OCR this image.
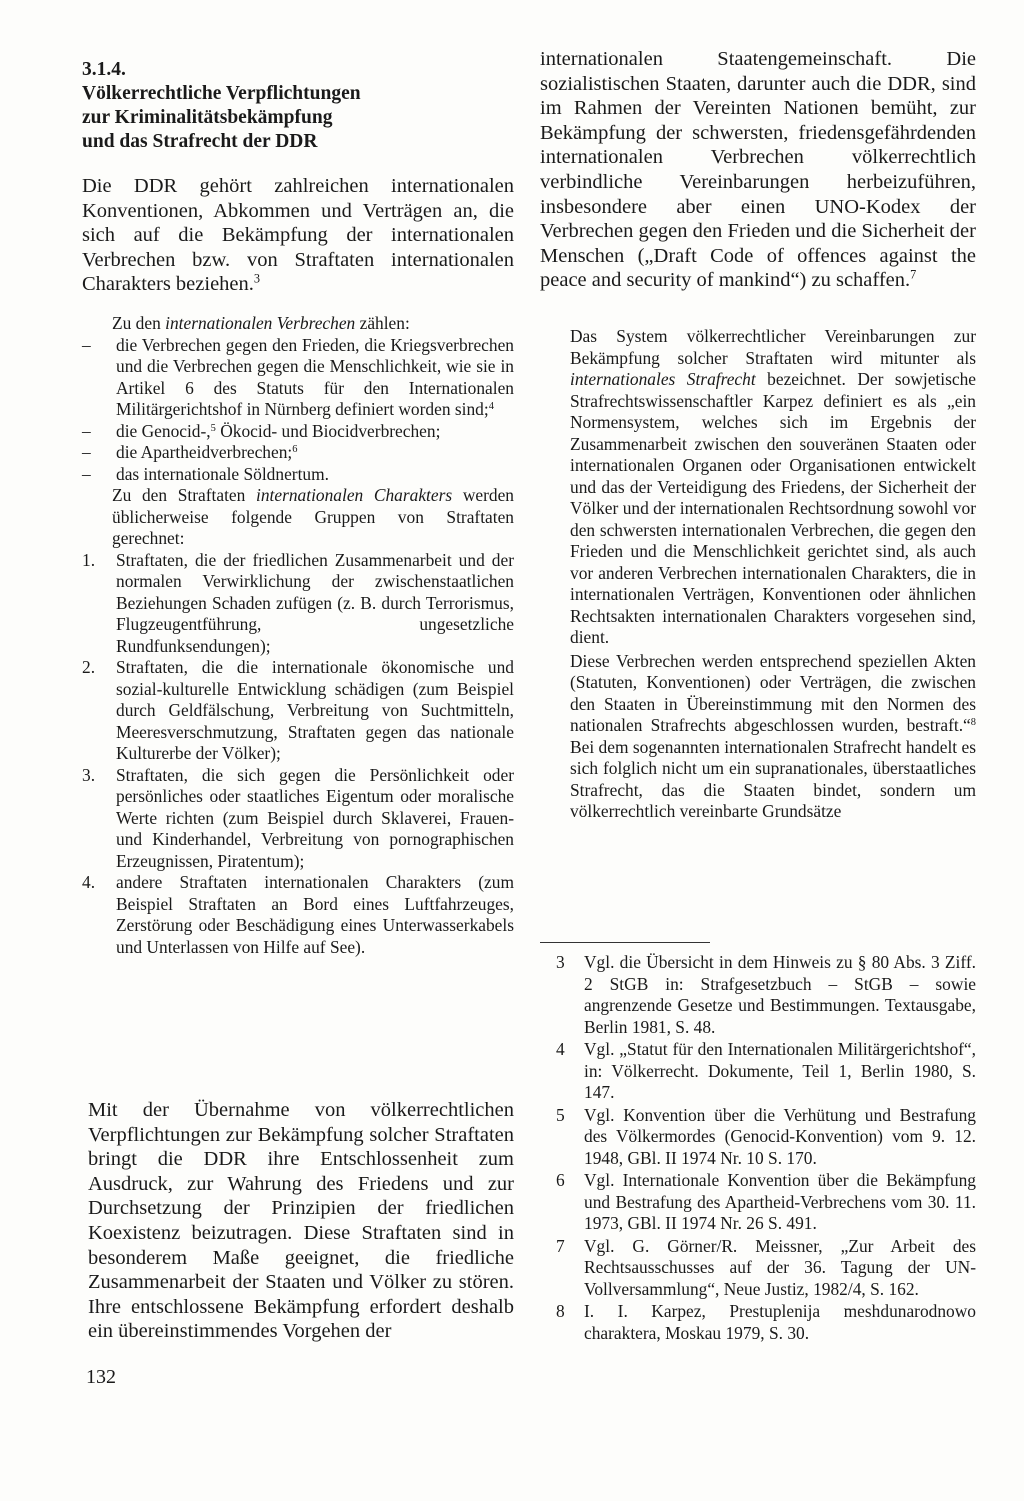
3.1.4.
Völkerrechtliche Verpflichtungen
zur Kriminalitätsbekämpfung
und das Strafrecht der DDR

Die DDR gehört zahlreichen internationalen Konventionen, Abkommen und Verträgen an, die sich auf die Bekämpfung der internationalen Verbrechen bzw. von Straftaten internationalen Charakters beziehen.$^3$

Zu den internationalen Verbrechen zählen:

– die Verbrechen gegen den Frieden, die Kriegsverbrechen und die Verbrechen gegen die Menschlichkeit, wie sie in Artikel 6 des Statuts für den Internationalen Militärgerichtshof in Nürnberg definiert worden sind;$^4$
– die Genocid-,$^5$ Ökocid- und Biocidverbrechen;
– die Apartheidverbrechen;$^6$
– das internationale Söldnertum.

Zu den Straftaten internationalen Charakters werden üblicherweise folgende Gruppen von Straftaten gerechnet:

1. Straftaten, die der friedlichen Zusammenarbeit und der normalen Verwirklichung der zwischenstaatlichen Beziehungen Schaden zufügen (z. B. durch Terrorismus, Flugzeugentführung, ungesetzliche Rundfunksendungen);
2. Straftaten, die die internationale ökonomische und sozial-kulturelle Entwicklung schädigen (zum Beispiel durch Geldfälschung, Verbreitung von Suchtmitteln, Meeresverschmutzung, Straftaten gegen das nationale Kulturerbe der Völker);
3. Straftaten, die sich gegen die Persönlichkeit oder persönliches oder staatliches Eigentum oder moralische Werte richten (zum Beispiel durch Sklaverei, Frauen- und Kinderhandel, Verbreitung von pornographischen Erzeugnissen, Piratentum);
4. andere Straftaten internationalen Charakters (zum Beispiel Straftaten an Bord eines Luftfahrzeuges, Zerstörung oder Beschädigung eines Unterwasserkabels und Unterlassen von Hilfe auf See).

Mit der Übernahme von völkerrechtlichen Verpflichtungen zur Bekämpfung solcher Straftaten bringt die DDR ihre Entschlossenheit zum Ausdruck, zur Wahrung des Friedens und zur Durchsetzung der Prinzipien der friedlichen Koexistenz beizutragen. Diese Straftaten sind in besonderem Maße geeignet, die friedliche Zusammenarbeit der Staaten und Völker zu stören. Ihre entschlossene Bekämpfung erfordert deshalb ein übereinstimmendes Vorgehen der

internationalen Staatengemeinschaft. Die sozialistischen Staaten, darunter auch die DDR, sind im Rahmen der Vereinten Nationen bemüht, zur Bekämpfung der schwersten, friedensgefährdenden internationalen Verbrechen völkerrechtlich verbindliche Vereinbarungen herbeizuführen, insbesondere aber einen UNO-Kodex der Verbrechen gegen den Frieden und die Sicherheit der Menschen („Draft Code of offences against the peace and security of mankind“) zu schaffen.$^7$

Das System völkerrechtlicher Vereinbarungen zur Bekämpfung solcher Straftaten wird mitunter als internationales Strafrecht bezeichnet. Der sowjetische Strafrechtswissenschaftler Karpez definiert es als „ein Normensystem, welches sich im Ergebnis der Zusammenarbeit zwischen den souveränen Staaten oder internationalen Organen oder Organisationen entwickelt und das der Verteidigung des Friedens, der Sicherheit der Völker und der internationalen Rechtsordnung sowohl vor den schwersten internationalen Verbrechen, die gegen den Frieden und die Menschlichkeit gerichtet sind, als auch vor anderen Verbrechen internationalen Charakters, die in internationalen Verträgen, Konventionen oder ähnlichen Rechtsakten internationalen Charakters vorgesehen sind, dient.

Diese Verbrechen werden entsprechend speziellen Akten (Statuten, Konventionen) oder Verträgen, die zwischen den Staaten in Übereinstimmung mit den Normen des nationalen Strafrechts abgeschlossen wurden, bestraft.“$^8$ Bei dem sogenannten internationalen Strafrecht handelt es sich folglich nicht um ein supranationales, überstaatliches Strafrecht, das die Staaten bindet, sondern um völkerrechtlich vereinbarte Grundsätze

3 Vgl. die Übersicht in dem Hinweis zu § 80 Abs. 3 Ziff. 2 StGB in: Strafgesetzbuch – StGB – sowie angrenzende Gesetze und Bestimmungen. Textausgabe, Berlin 1981, S. 48.
4 Vgl. „Statut für den Internationalen Militärgerichtshof“, in: Völkerrecht. Dokumente, Teil 1, Berlin 1980, S. 147.
5 Vgl. Konvention über die Verhütung und Bestrafung des Völkermordes (Genocid-Konvention) vom 9. 12. 1948, GBl. II 1974 Nr. 10 S. 170.
6 Vgl. Internationale Konvention über die Bekämpfung und Bestrafung des Apartheid-Verbrechens vom 30. 11. 1973, GBl. II 1974 Nr. 26 S. 491.
7 Vgl. G. Görner/R. Meissner, „Zur Arbeit des Rechtsausschusses auf der 36. Tagung der UN-Vollversammlung“, Neue Justiz, 1982/4, S. 162.
8 I. I. Karpez, Prestuplenija meshdunarodnowo charaktera, Moskau 1979, S. 30.
132
